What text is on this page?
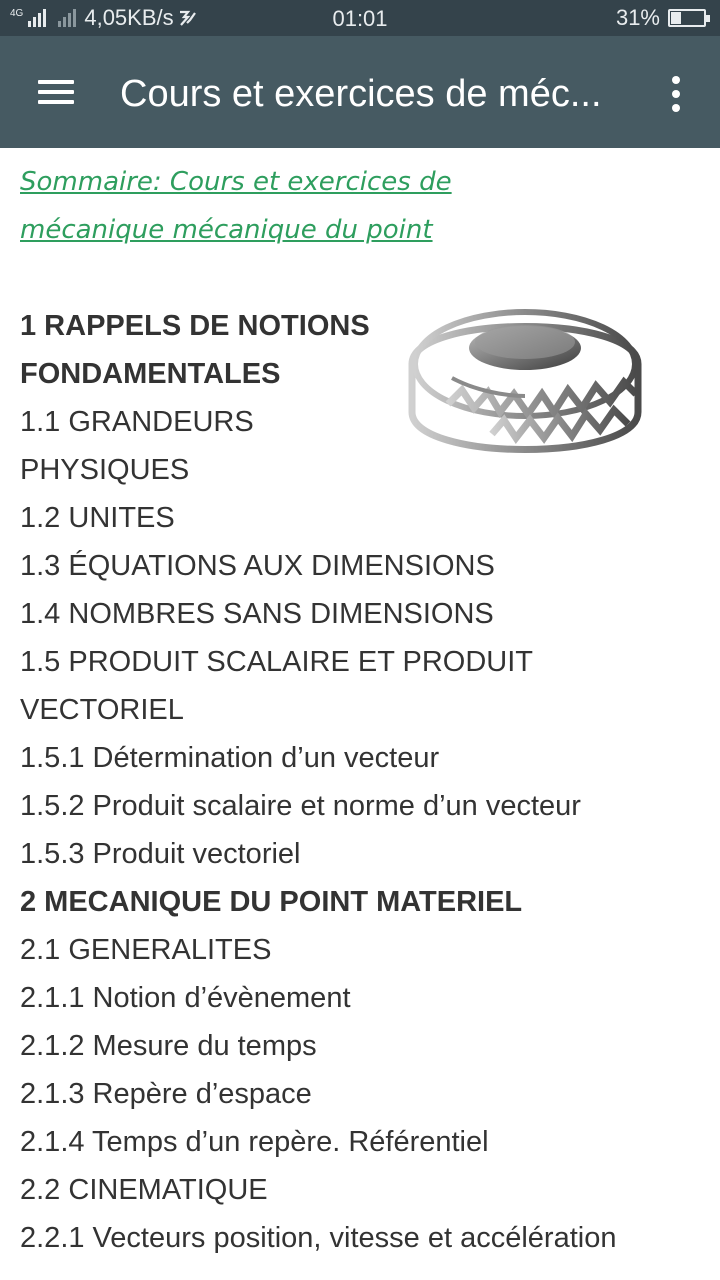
4G	4,05KB/s	01:01	31%
Cours et exercices de méc...
Sommaire: Cours et exercices de mécanique mécanique du point
1 RAPPELS DE NOTIONS FONDAMENTALES
1.1 GRANDEURS PHYSIQUES
1.2 UNITES
1.3 ÉQUATIONS AUX DIMENSIONS
1.4 NOMBRES SANS DIMENSIONS
1.5 PRODUIT SCALAIRE ET PRODUIT VECTORIEL
1.5.1 Détermination d’un vecteur
1.5.2 Produit scalaire et norme d’un vecteur
1.5.3 Produit vectoriel
2 MECANIQUE DU POINT MATERIEL
2.1 GENERALITES
2.1.1 Notion d’évènement
2.1.2 Mesure du temps
2.1.3 Repère d’espace
2.1.4 Temps d’un repère. Référentiel
2.2 CINEMATIQUE
2.2.1 Vecteurs position, vitesse et accélération
